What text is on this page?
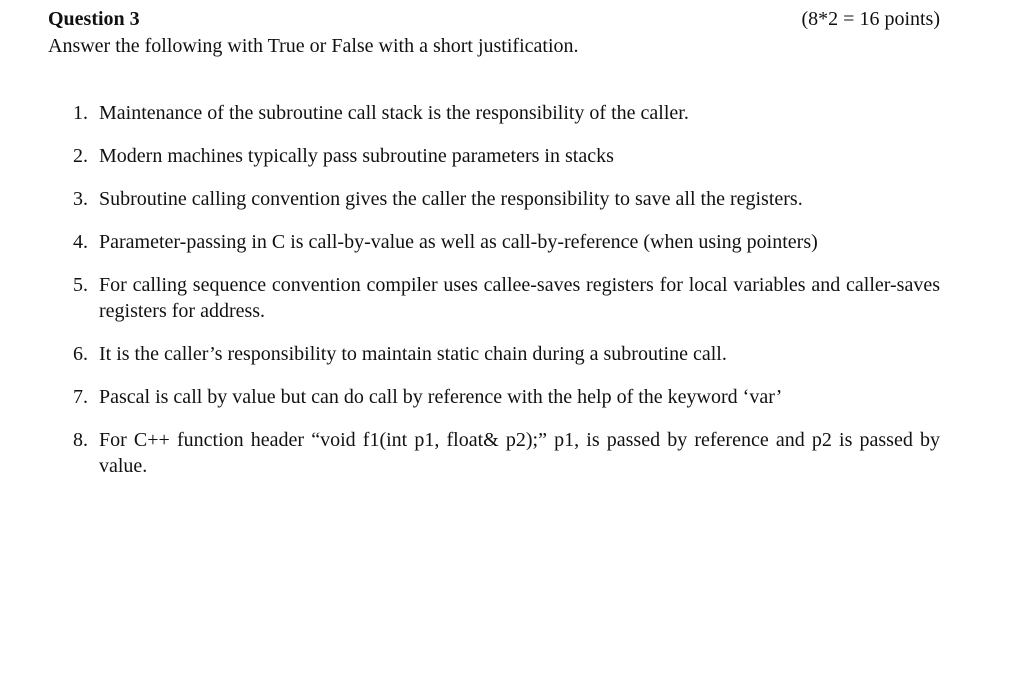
Question 3	(8*2 = 16 points)
Answer the following with True or False with a short justification.
1. Maintenance of the subroutine call stack is the responsibility of the caller.
2. Modern machines typically pass subroutine parameters in stacks
3. Subroutine calling convention gives the caller the responsibility to save all the registers.
4. Parameter-passing in C is call-by-value as well as call-by-reference (when using pointers)
5. For calling sequence convention compiler uses callee-saves registers for local variables and caller-saves registers for address.
6. It is the caller’s responsibility to maintain static chain during a subroutine call.
7. Pascal is call by value but can do call by reference with the help of the keyword ‘var’
8. For C++ function header “void f1(int p1, float& p2);” p1, is passed by reference and p2 is passed by value.
